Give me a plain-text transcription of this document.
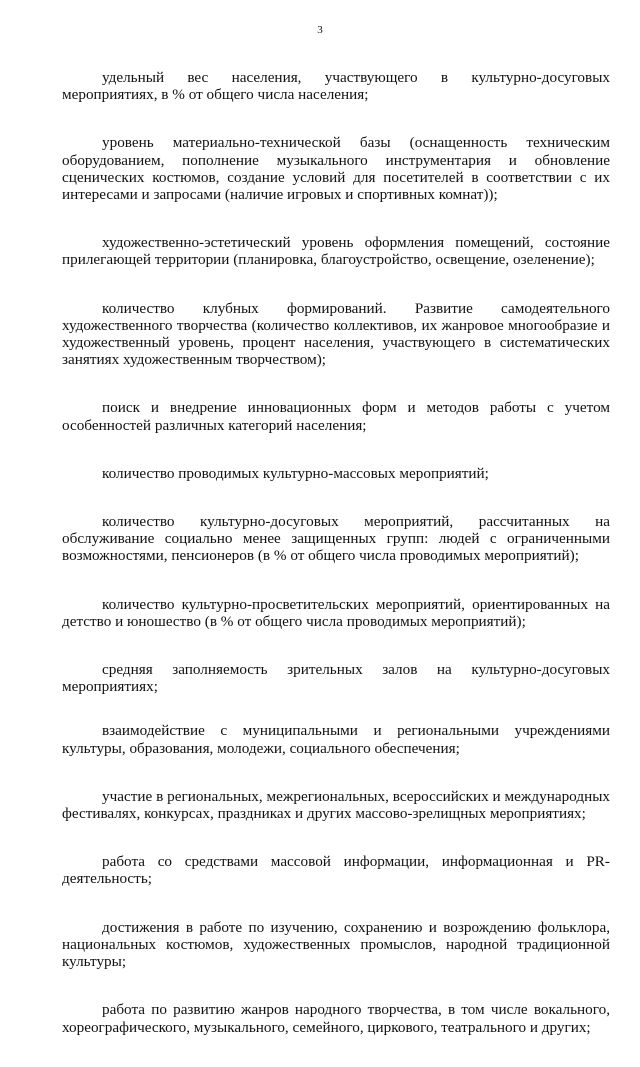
3

удельный вес населения, участвующего в культурно-досуговых мероприятиях, в % от общего числа населения;

уровень материально-технической базы (оснащенность техническим оборудованием, пополнение музыкального инструментария и обновление сценических костюмов, создание условий для посетителей в соответствии с их интересами и запросами (наличие игровых и спортивных комнат));

художественно-эстетический уровень оформления помещений, состояние прилегающей территории (планировка, благоустройство, освещение, озеленение);

количество клубных формирований. Развитие самодеятельного художественного творчества (количество коллективов, их жанровое многообразие и художественный уровень, процент населения, участвующего в систематических занятиях художественным творчеством);

поиск и внедрение инновационных форм и методов работы с учетом особенностей различных категорий населения;

количество проводимых культурно-массовых мероприятий;

количество культурно-досуговых мероприятий, рассчитанных на обслуживание социально менее защищенных групп: людей с ограниченными возможностями, пенсионеров (в % от общего числа проводимых мероприятий);

количество культурно-просветительских мероприятий, ориентированных на детство и юношество (в % от общего числа проводимых мероприятий);

средняя заполняемость зрительных залов на культурно-досуговых мероприятиях;

взаимодействие с муниципальными и региональными учреждениями культуры, образования, молодежи, социального обеспечения;

участие в региональных, межрегиональных, всероссийских и международных фестивалях, конкурсах, праздниках и других массово-зрелищных мероприятиях;

работа со средствами массовой информации, информационная и PR-деятельность;

достижения в работе по изучению, сохранению и возрождению фольклора, национальных костюмов, художественных промыслов, народной традиционной культуры;

работа по развитию жанров народного творчества, в том числе вокального, хореографического, музыкального, семейного, циркового, театрального и других;
